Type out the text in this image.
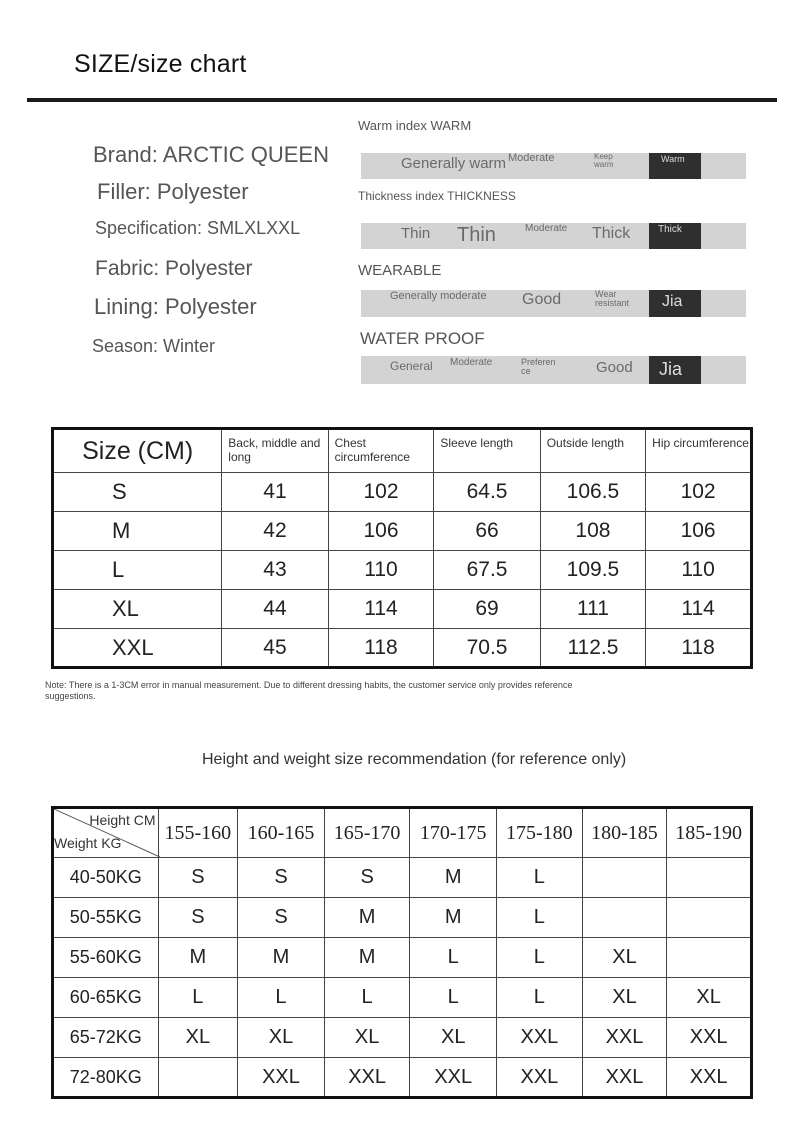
SIZE/size chart
Brand: ARCTIC QUEEN
Filler: Polyester
Specification: SMLXLXXL
Fabric: Polyester
Lining: Polyester
Season: Winter
Warm index WARM
Generally warm Moderate	Keep warm
Warm
Thickness index THICKNESS
Thin Thin	Moderate Thick	Thick
WEARABLE
Generally moderate Good	Wear resistant	Jia
WATER PROOF
General Moderate	Preferen ce	Good Jia
Size (CM)	Back, middle and long	Chest circumference	Sleeve length	Outside length	Hip circumference
S	41	102	64.5	106.5	102
M	42	106	66	108	106
L	43	110	67.5	109.5	110
XL	44	114	69	111	114
XXL	45	118	70.5	112.5	118
Note: There is a 1-3CM error in manual measurement. Due to different dressing habits, the customer service only provides reference suggestions.
Height and weight size recommendation (for reference only)
Height CM
Weight KG	155-160	160-165	165-170	170-175	175-180	180-185	185-190
40-50KG	S	S	S	M	L		
50-55KG	S	S	M	M	L		
55-60KG	M	M	M	L	L	XL	
60-65KG	L	L	L	L	L	XL	XL
65-72KG	XL	XL	XL	XL	XXL	XXL	XXL
72-80KG		XXL	XXL	XXL	XXL	XXL	XXL
